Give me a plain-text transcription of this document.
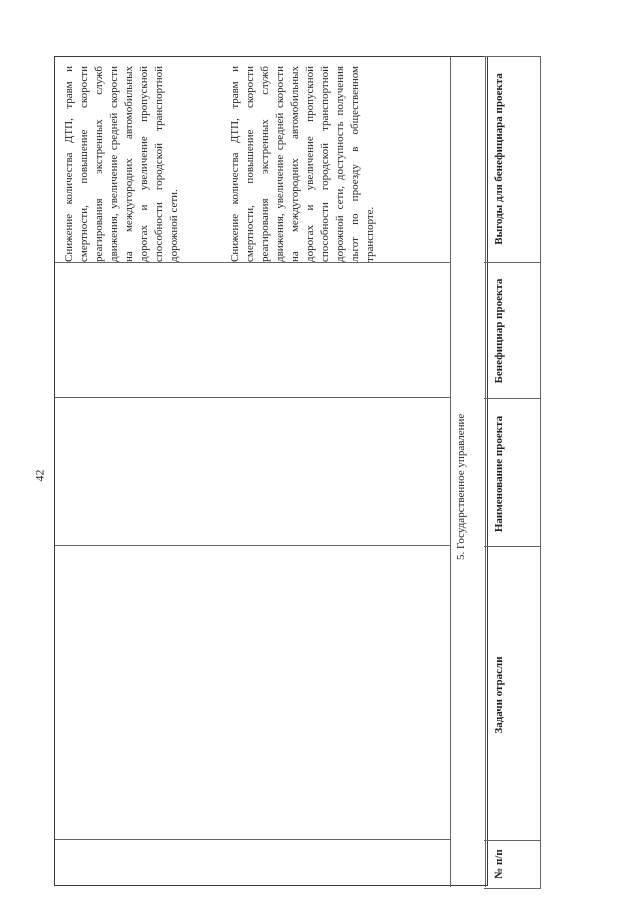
42
Снижение количества ДТП, травм и смертности, повышение скорости реагирования экстренных служб движения, увеличение средней скорости на междугородних автомобильных дорогах и увеличение пропускной способности городской транспортной дорожной сети.	Снижение количества ДТП, травм и смертности, повышение скорости реагирования экстренных служб движения, увеличение средней скорости на междугородних автомобильных дорогах и увеличение пропускной способности городской транспортной дорожной сети, доступность получения льгот по проезду в общественном транспорте.
5. Государственное управление
№ п/п
Задачи отрасли
Наименование проекта
Бенефициар проекта
Выгоды для бенефициара проекта
